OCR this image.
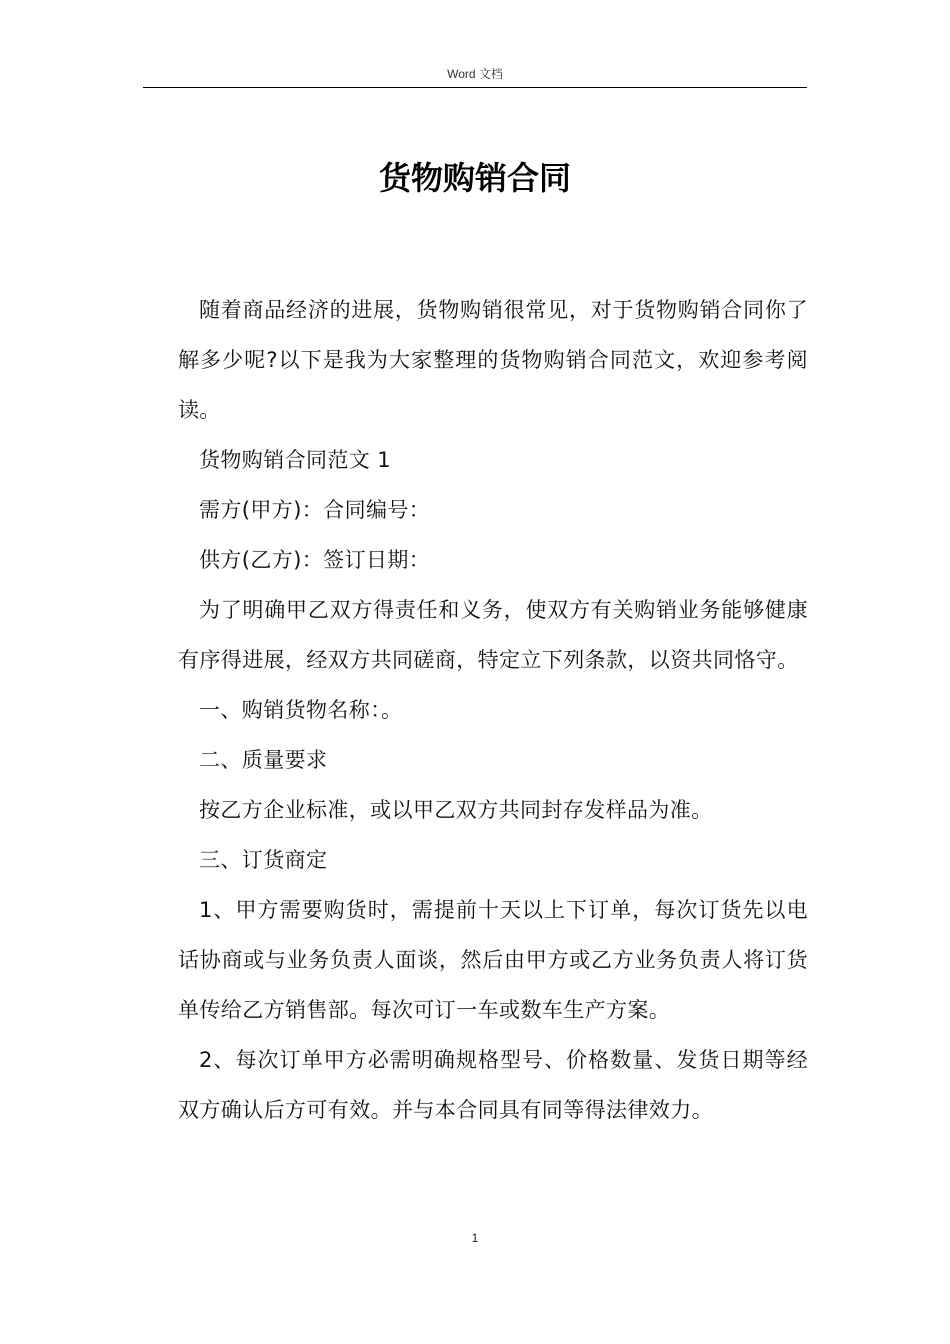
Word 文档
货物购销合同

随着商品经济的进展，货物购销很常见，对于货物购销合同你了解多少呢?以下是我为大家整理的货物购销合同范文，欢迎参考阅读。

货物购销合同范文 1

需方(甲方)：合同编号：

供方(乙方)：签订日期：

为了明确甲乙双方得责任和义务，使双方有关购销业务能够健康有序得进展，经双方共同磋商，特定立下列条款，以资共同恪守。

一、购销货物名称：。

二、质量要求

按乙方企业标准，或以甲乙双方共同封存发样品为准。

三、订货商定

1、甲方需要购货时，需提前十天以上下订单，每次订货先以电话协商或与业务负责人面谈，然后由甲方或乙方业务负责人将订货单传给乙方销售部。每次可订一车或数车生产方案。

2、每次订单甲方必需明确规格型号、价格数量、发货日期等经双方确认后方可有效。并与本合同具有同等得法律效力。

1
